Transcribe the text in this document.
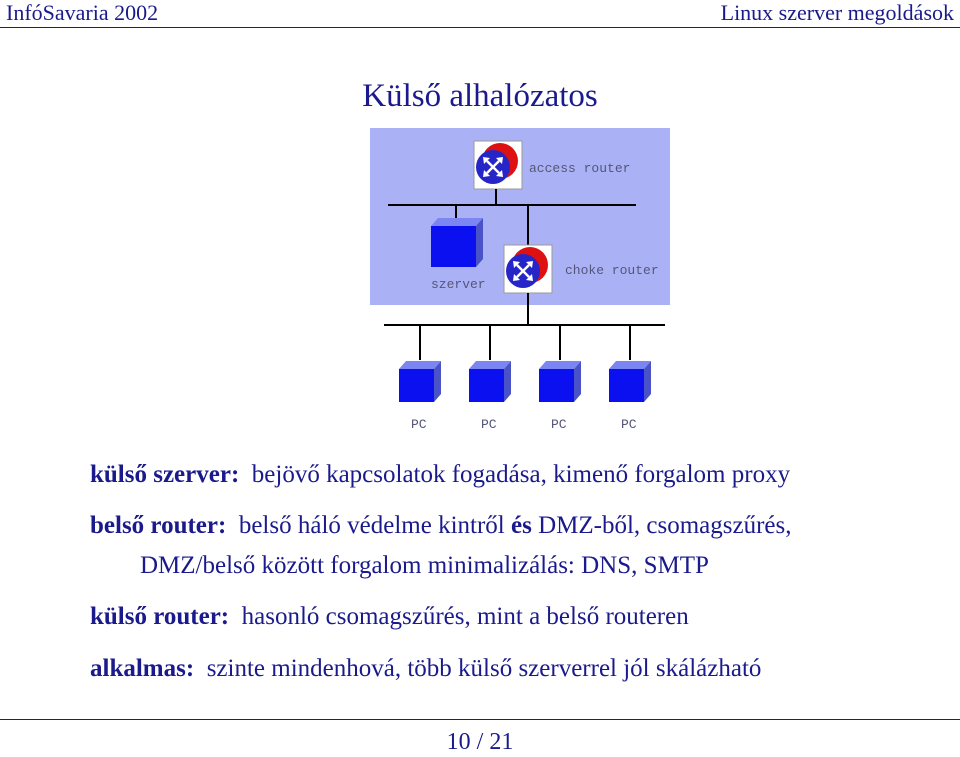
InfóSavaria 2002	Linux szerver megoldások
Külső alhalózatos
access router
szerver
choke router
PC	PC	PC	PC
külső szerver: bejövő kapcsolatok fogadása, kimenő forgalom proxy
belső router: belső háló védelme kintről és DMZ-ből, csomagszűrés,
DMZ/belső között forgalom minimalizálás: DNS, SMTP
külső router: hasonló csomagszűrés, mint a belső routeren
alkalmas: szinte mindenhová, több külső szerverrel jól skálázható
10 / 21
